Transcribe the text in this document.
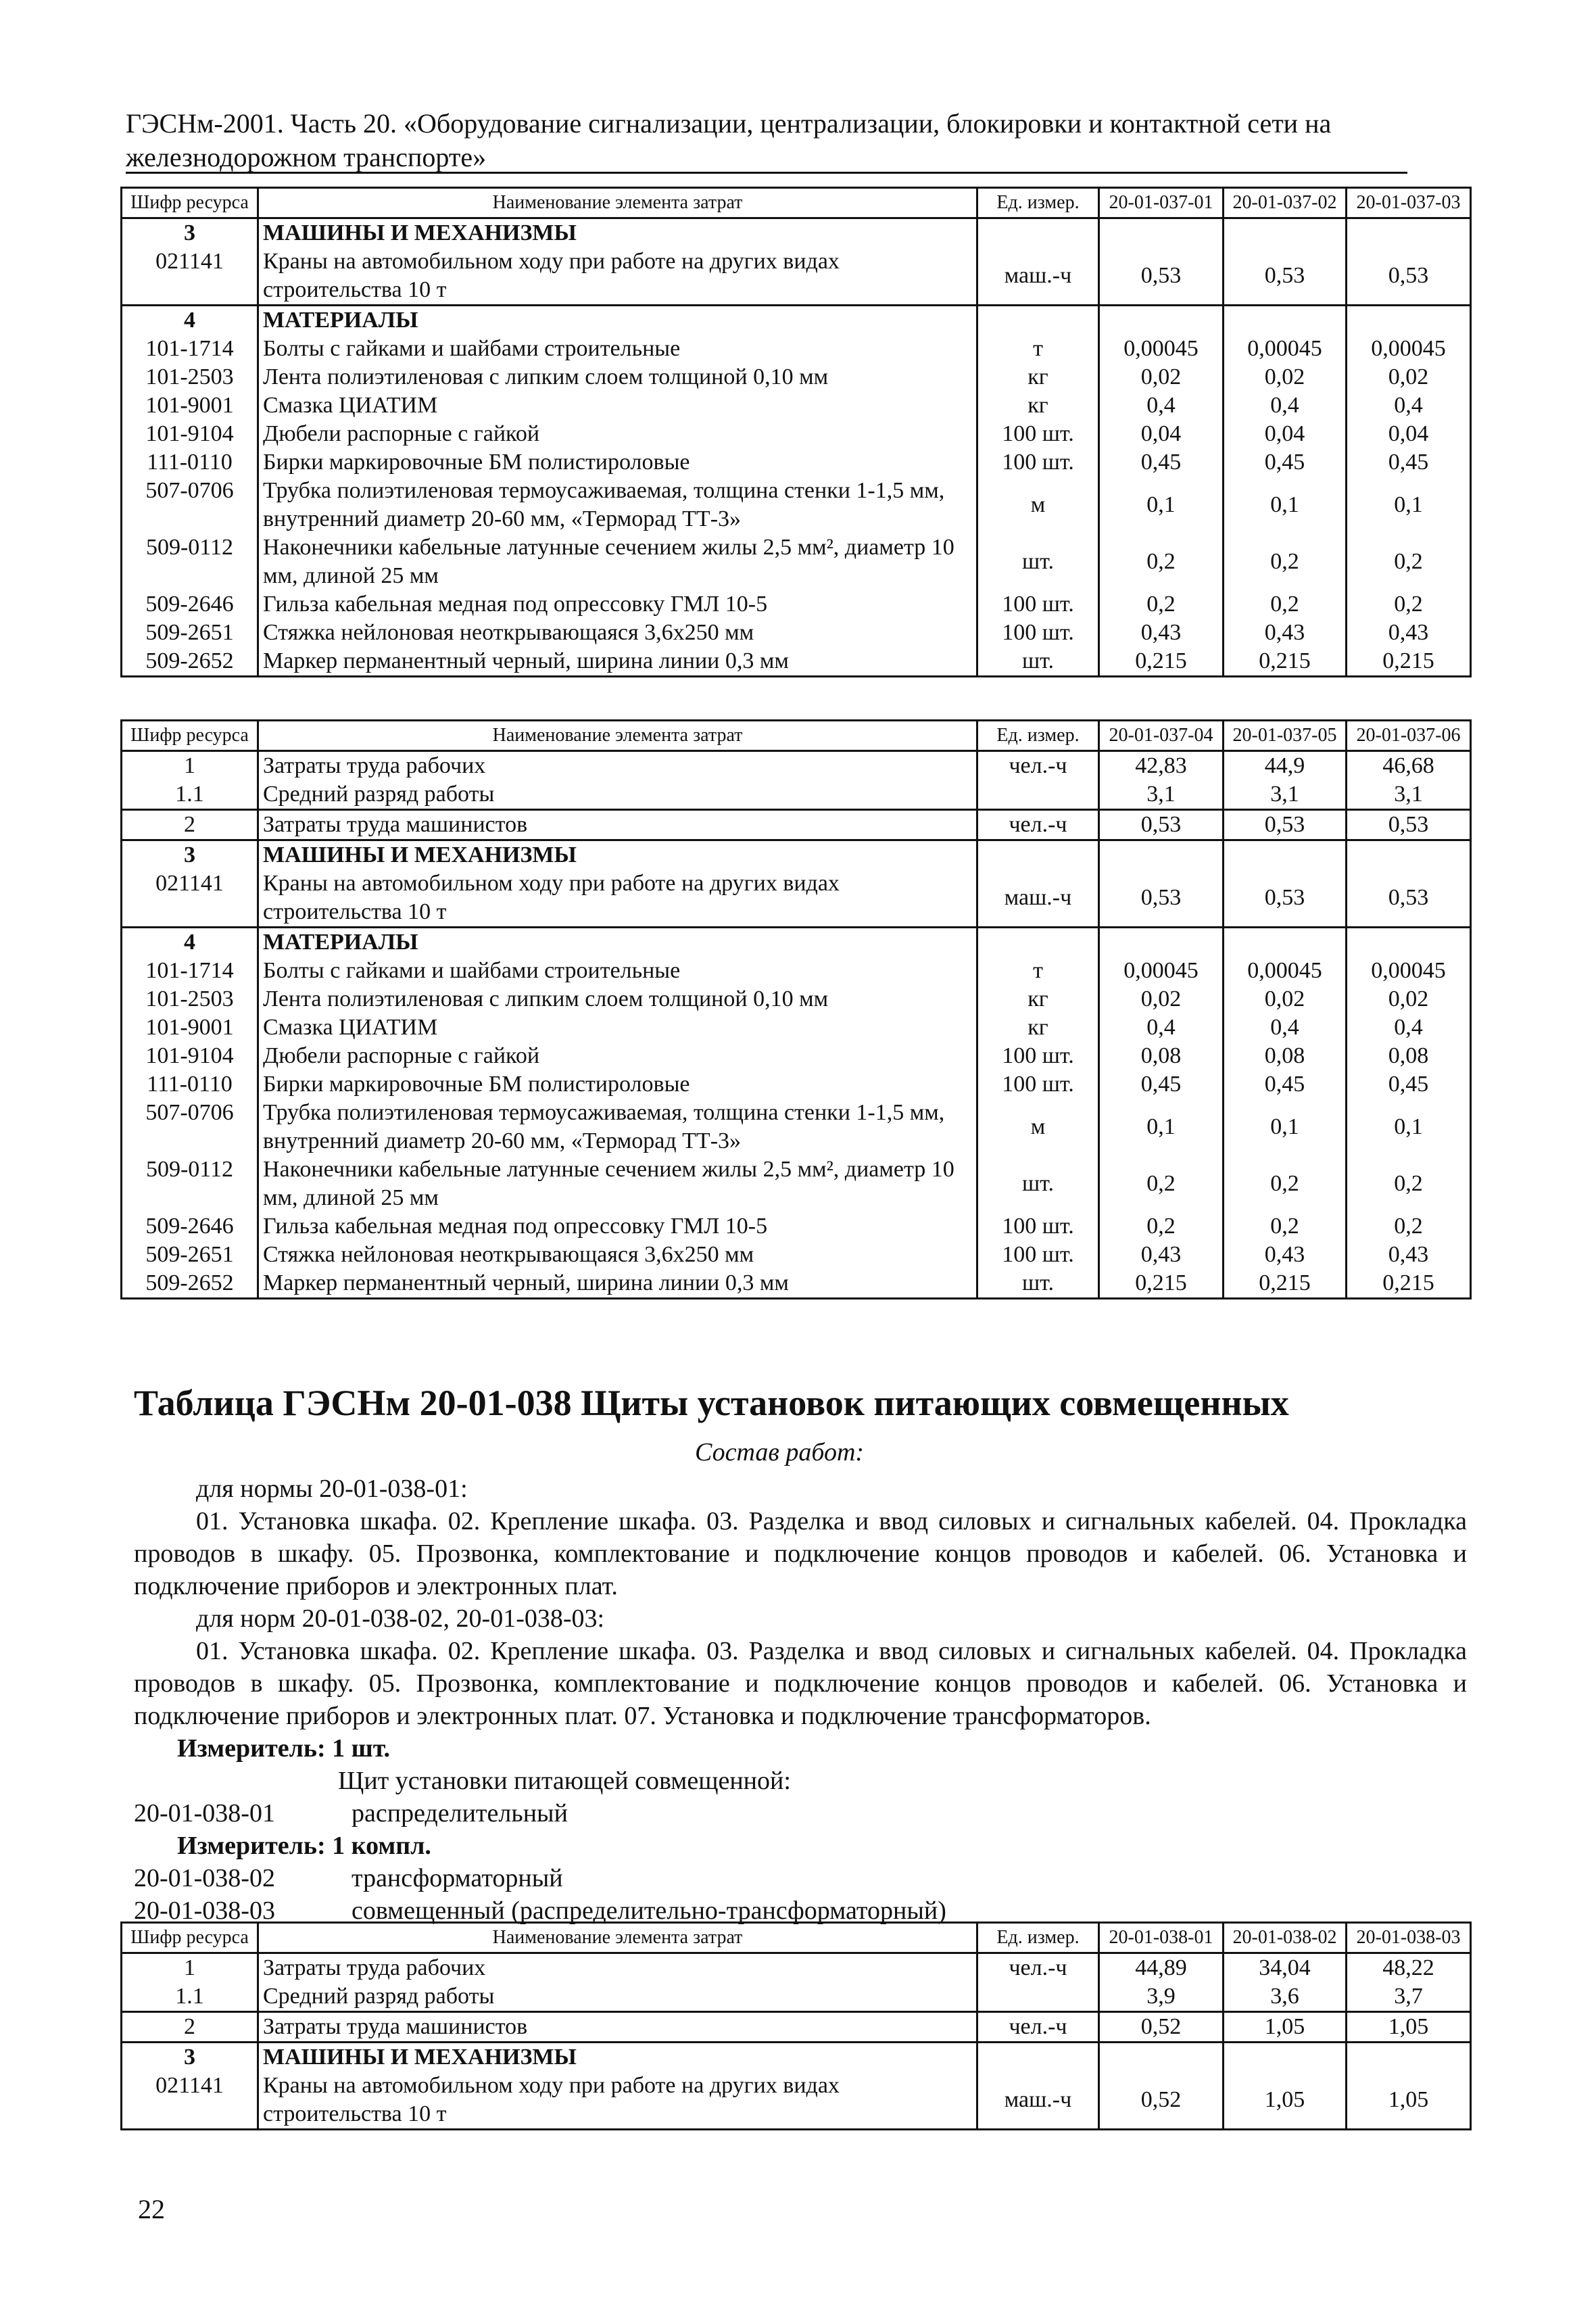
ГЭСНм-2001. Часть 20. «Оборудование сигнализации, централизации, блокировки и контактной сети на железнодорожном транспорте»
Шифр ресурса	Наименование элемента затрат	Ед. измер.	20-01-037-01	20-01-037-02	20-01-037-03
3	МАШИНЫ И МЕХАНИЗМЫ				
021141	Краны на автомобильном ходу при работе на других видах строительства 10 т	маш.-ч	0,53	0,53	0,53
4	МАТЕРИАЛЫ				
101-1714	Болты с гайками и шайбами строительные	т	0,00045	0,00045	0,00045
101-2503	Лента полиэтиленовая с липким слоем толщиной 0,10 мм	кг	0,02	0,02	0,02
101-9001	Смазка ЦИАТИМ	кг	0,4	0,4	0,4
101-9104	Дюбели распорные с гайкой	100 шт.	0,04	0,04	0,04
111-0110	Бирки маркировочные БМ полистироловые	100 шт.	0,45	0,45	0,45
507-0706	Трубка полиэтиленовая термоусаживаемая, толщина стенки 1-1,5 мм, внутренний диаметр 20-60 мм, «Терморад ТТ-3»	м	0,1	0,1	0,1
509-0112	Наконечники кабельные латунные сечением жилы 2,5 мм², диаметр 10 мм, длиной 25 мм	шт.	0,2	0,2	0,2
509-2646	Гильза кабельная медная под опрессовку ГМЛ 10-5	100 шт.	0,2	0,2	0,2
509-2651	Стяжка нейлоновая неоткрывающаяся 3,6х250 мм	100 шт.	0,43	0,43	0,43
509-2652	Маркер перманентный черный, ширина линии 0,3 мм	шт.	0,215	0,215	0,215
Шифр ресурса	Наименование элемента затрат	Ед. измер.	20-01-037-04	20-01-037-05	20-01-037-06
1	Затраты труда рабочих	чел.-ч	42,83	44,9	46,68
1.1	Средний разряд работы		3,1	3,1	3,1
2	Затраты труда машинистов	чел.-ч	0,53	0,53	0,53
3	МАШИНЫ И МЕХАНИЗМЫ				
021141	Краны на автомобильном ходу при работе на других видах строительства 10 т	маш.-ч	0,53	0,53	0,53
4	МАТЕРИАЛЫ				
101-1714	Болты с гайками и шайбами строительные	т	0,00045	0,00045	0,00045
101-2503	Лента полиэтиленовая с липким слоем толщиной 0,10 мм	кг	0,02	0,02	0,02
101-9001	Смазка ЦИАТИМ	кг	0,4	0,4	0,4
101-9104	Дюбели распорные с гайкой	100 шт.	0,08	0,08	0,08
111-0110	Бирки маркировочные БМ полистироловые	100 шт.	0,45	0,45	0,45
507-0706	Трубка полиэтиленовая термоусаживаемая, толщина стенки 1-1,5 мм, внутренний диаметр 20-60 мм, «Терморад ТТ-3»	м	0,1	0,1	0,1
509-0112	Наконечники кабельные латунные сечением жилы 2,5 мм², диаметр 10 мм, длиной 25 мм	шт.	0,2	0,2	0,2
509-2646	Гильза кабельная медная под опрессовку ГМЛ 10-5	100 шт.	0,2	0,2	0,2
509-2651	Стяжка нейлоновая неоткрывающаяся 3,6х250 мм	100 шт.	0,43	0,43	0,43
509-2652	Маркер перманентный черный, ширина линии 0,3 мм	шт.	0,215	0,215	0,215
Таблица ГЭСНм 20-01-038 Щиты установок питающих совмещенных
Состав работ:
для нормы 20-01-038-01:
01. Установка шкафа. 02. Крепление шкафа. 03. Разделка и ввод силовых и сигнальных кабелей. 04. Прокладка проводов в шкафу. 05. Прозвонка, комплектование и подключение концов проводов и кабелей. 06. Установка и подключение приборов и электронных плат.
для норм 20-01-038-02, 20-01-038-03:
01. Установка шкафа. 02. Крепление шкафа. 03. Разделка и ввод силовых и сигнальных кабелей. 04. Прокладка проводов в шкафу. 05. Прозвонка, комплектование и подключение концов проводов и кабелей. 06. Установка и подключение приборов и электронных плат. 07. Установка и подключение трансформаторов.
Измеритель: 1 шт.
Щит установки питающей совмещенной:
20-01-038-01	распределительный
Измеритель: 1 компл.
20-01-038-02	трансформаторный
20-01-038-03	совмещенный (распределительно-трансформаторный)
Шифр ресурса	Наименование элемента затрат	Ед. измер.	20-01-038-01	20-01-038-02	20-01-038-03
1	Затраты труда рабочих	чел.-ч	44,89	34,04	48,22
1.1	Средний разряд работы		3,9	3,6	3,7
2	Затраты труда машинистов	чел.-ч	0,52	1,05	1,05
3	МАШИНЫ И МЕХАНИЗМЫ				
021141	Краны на автомобильном ходу при работе на других видах строительства 10 т	маш.-ч	0,52	1,05	1,05
22
